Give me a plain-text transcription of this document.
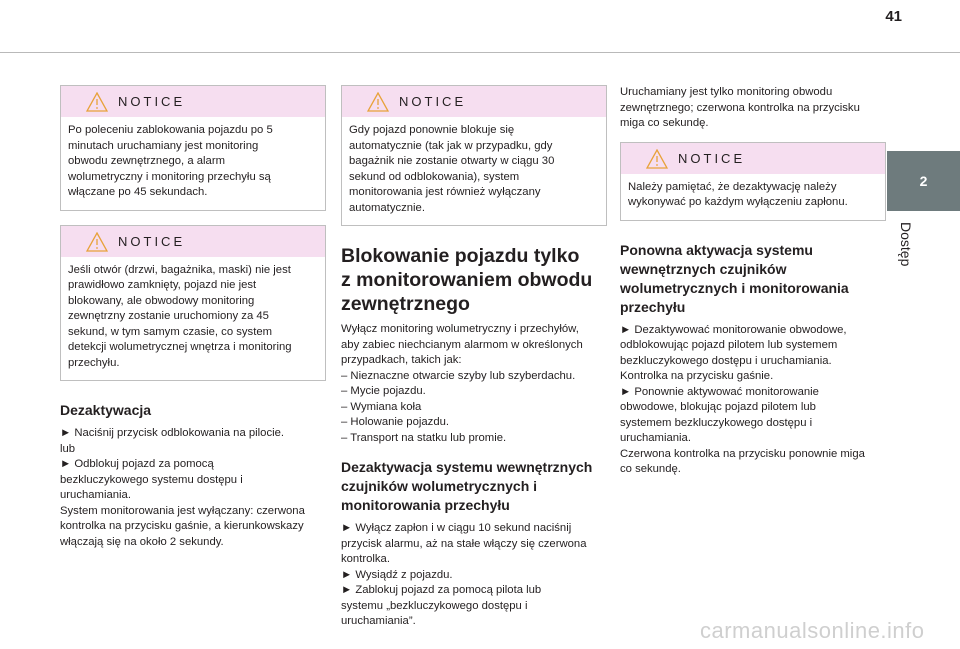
41
2
Dostęp
NOTICE
Po poleceniu zablokowania pojazdu po 5
minutach uruchamiany jest monitoring
obwodu zewnętrznego, a alarm
wolumetryczny i monitoring przechyłu są
włączane po 45 sekundach.
NOTICE
Jeśli otwór (drzwi, bagażnika, maski) nie jest
prawidłowo zamknięty, pojazd nie jest
blokowany, ale obwodowy monitoring
zewnętrzny zostanie uruchomiony za 45
sekund, w tym samym czasie, co system
detekcji wolumetrycznej wnętrza i monitoring
przechyłu.
Dezaktywacja
► Naciśnij przycisk odblokowania na pilocie.
lub
► Odblokuj pojazd za pomocą
bezkluczykowego systemu dostępu i
uruchamiania.
System monitorowania jest wyłączany: czerwona
kontrolka na przycisku gaśnie, a kierunkowskazy
włączają się na około 2 sekundy.
NOTICE
Gdy pojazd ponownie blokuje się
automatycznie (tak jak w przypadku, gdy
bagażnik nie zostanie otwarty w ciągu 30
sekund od odblokowania), system
monitorowania jest również wyłączany
automatycznie.
Blokowanie pojazdu tylko
z monitorowaniem obwodu
zewnętrznego
Wyłącz monitoring wolumetryczny i przechyłów,
aby zabiec niechcianym alarmom w określonych
przypadkach, takich jak:
– Nieznaczne otwarcie szyby lub szyberdachu.
– Mycie pojazdu.
– Wymiana koła
– Holowanie pojazdu.
– Transport na statku lub promie.
Dezaktywacja systemu wewnętrznych
czujników wolumetrycznych i
monitorowania przechyłu
► Wyłącz zapłon i w ciągu 10 sekund naciśnij
przycisk alarmu, aż na stałe włączy się czerwona
kontrolka.
► Wysiądź z pojazdu.
► Zablokuj pojazd za pomocą pilota lub
systemu „bezkluczykowego dostępu i
uruchamiania”.
Uruchamiany jest tylko monitoring obwodu
zewnętrznego; czerwona kontrolka na przycisku
miga co sekundę.
NOTICE
Należy pamiętać, że dezaktywację należy
wykonywać po każdym wyłączeniu zapłonu.
Ponowna aktywacja systemu
wewnętrznych czujników
wolumetrycznych i monitorowania
przechyłu
► Dezaktywować monitorowanie obwodowe,
odblokowując pojazd pilotem lub systemem
bezkluczykowego dostępu i uruchamiania.
Kontrolka na przycisku gaśnie.
► Ponownie aktywować monitorowanie
obwodowe, blokując pojazd pilotem lub
systemem bezkluczykowego dostępu i
uruchamiania.
Czerwona kontrolka na przycisku ponownie miga
co sekundę.
carmanualsonline.info
